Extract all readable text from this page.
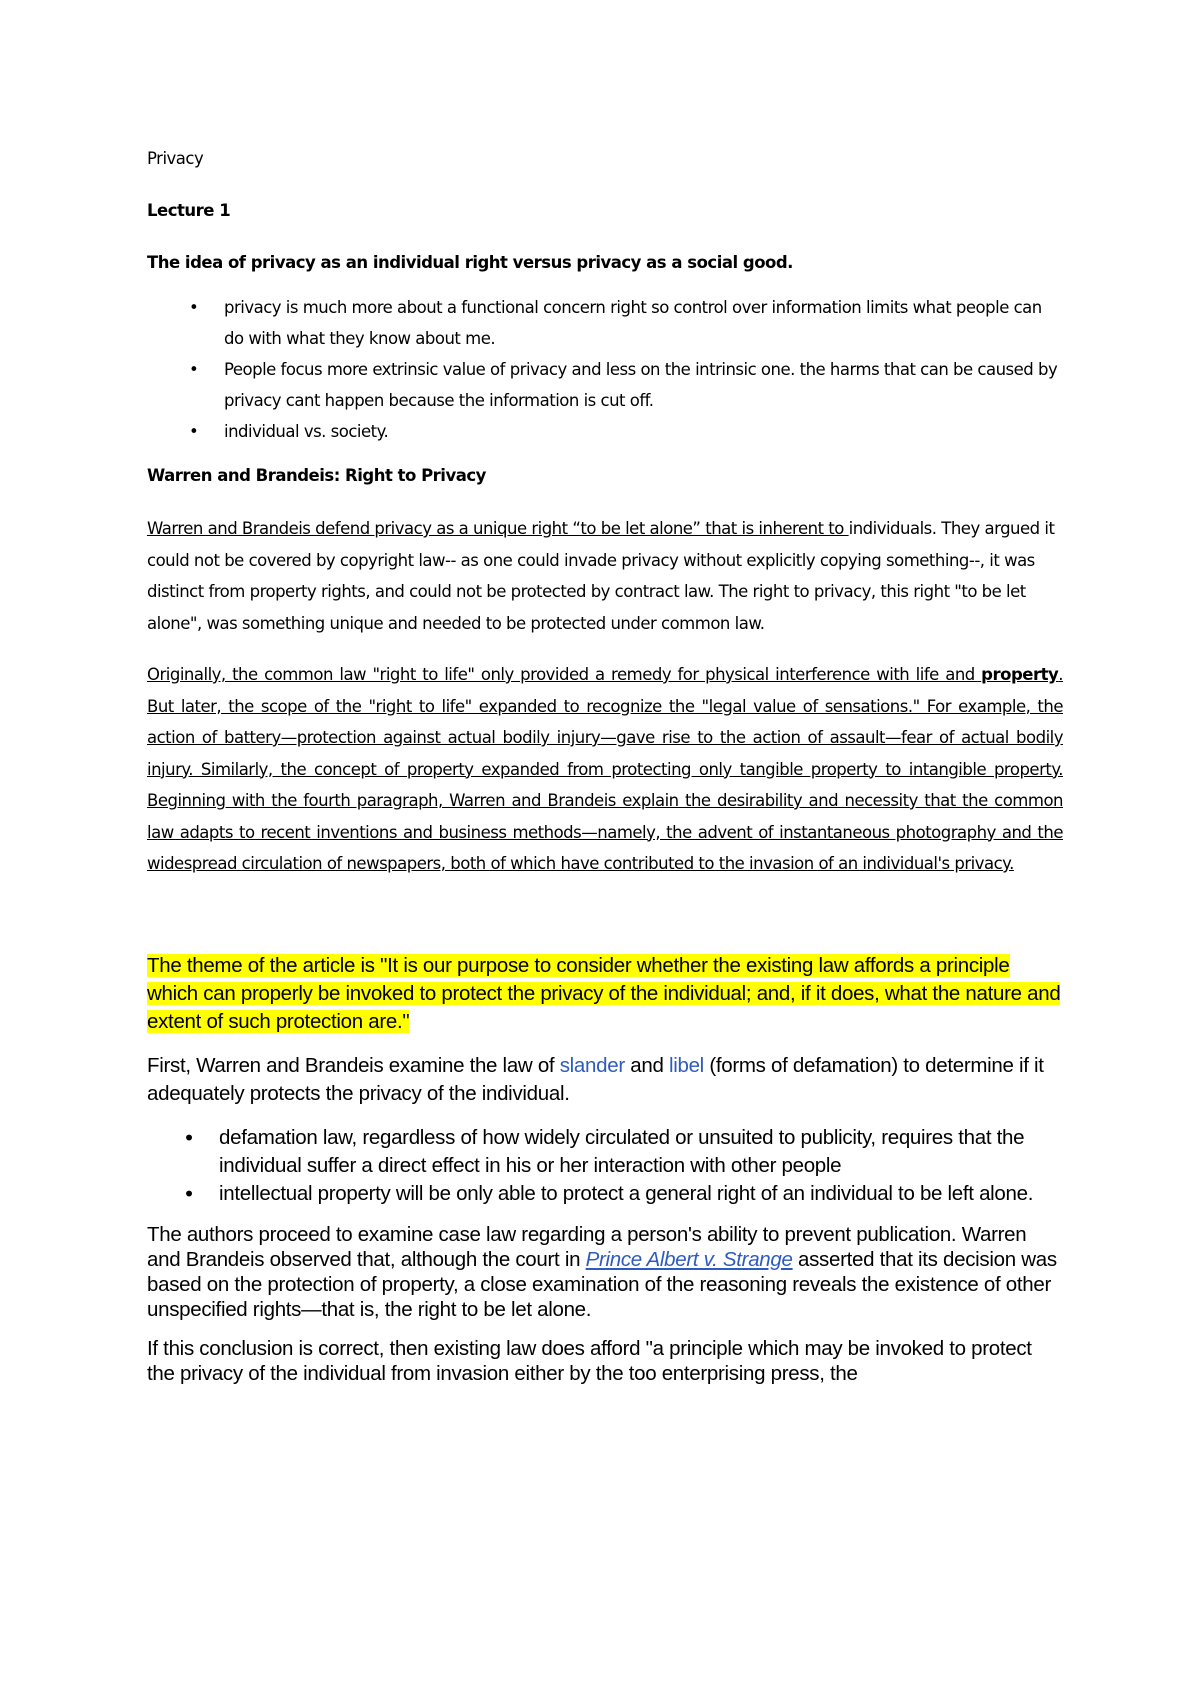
Privacy
Lecture 1
The idea of privacy as an individual right versus privacy as a social good.
• privacy is much more about a functional concern right so control over information limits what people can do with what they know about me.
• People focus more extrinsic value of privacy and less on the intrinsic one. the harms that can be caused by privacy cant happen because the information is cut off.
• individual vs. society.
Warren and Brandeis: Right to Privacy

Warren and Brandeis defend privacy as a unique right “to be let alone” that is inherent to individuals. They argued it could not be covered by copyright law-- as one could invade privacy without explicitly copying something--, it was distinct from property rights, and could not be protected by contract law. The right to privacy, this right "to be let alone", was something unique and needed to be protected under common law.

Originally, the common law "right to life" only provided a remedy for physical interference with life and property. But later, the scope of the "right to life" expanded to recognize the "legal value of sensations." For example, the action of battery—protection against actual bodily injury—gave rise to the action of assault—fear of actual bodily injury. Similarly, the concept of property expanded from protecting only tangible property to intangible property. Beginning with the fourth paragraph, Warren and Brandeis explain the desirability and necessity that the common law adapts to recent inventions and business methods—namely, the advent of instantaneous photography and the widespread circulation of newspapers, both of which have contributed to the invasion of an individual's privacy.

The theme of the article is "It is our purpose to consider whether the existing law affords a principle which can properly be invoked to protect the privacy of the individual; and, if it does, what the nature and extent of such protection are."

First, Warren and Brandeis examine the law of slander and libel (forms of defamation) to determine if it adequately protects the privacy of the individual.

• defamation law, regardless of how widely circulated or unsuited to publicity, requires that the individual suffer a direct effect in his or her interaction with other people
• intellectual property will be only able to protect a general right of an individual to be left alone.

The authors proceed to examine case law regarding a person's ability to prevent publication. Warren and Brandeis observed that, although the court in Prince Albert v. Strange asserted that its decision was based on the protection of property, a close examination of the reasoning reveals the existence of other unspecified rights—that is, the right to be let alone.

If this conclusion is correct, then existing law does afford "a principle which may be invoked to protect the privacy of the individual from invasion either by the too enterprising press, the
